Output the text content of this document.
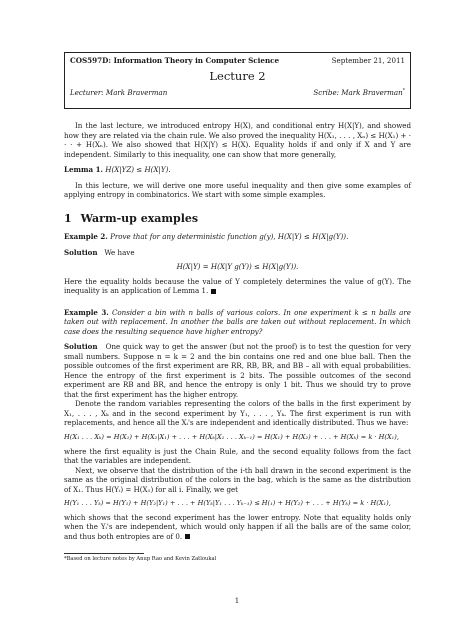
COS597D: Information Theory in Computer Science	September 21, 2011
Lecture 2
Lecturer: Mark Braverman	Scribe: Mark Braverman*

In the last lecture, we introduced entropy H(X), and conditional entry H(X|Y), and showed how they are related via the chain rule. We also proved the inequality H(X₁, . . . , Xₙ) ≤ H(X₁) + · · · + H(Xₙ). We also showed that H(X|Y) ≤ H(X). Equality holds if and only if X and Y are independent. Similarly to this inequality, one can show that more generally,

Lemma 1. H(X|YZ) ≤ H(X|Y).

In this lecture, we will derive one more useful inequality and then give some examples of applying entropy in combinatorics. We start with some simple examples.

1 Warm-up examples

Example 2. Prove that for any deterministic function g(y), H(X|Y) ≤ H(X|g(Y)).

Solution We have

H(X|Y) = H(X|Y g(Y)) ≤ H(X|g(Y)).

Here the equality holds because the value of Y completely determines the value of g(Y). The inequality is an application of Lemma 1.

Example 3. Consider a bin with n balls of various colors. In one experiment k ≤ n balls are taken out with replacement. In another the balls are taken out without replacement. In which case does the resulting sequence have higher entropy?

Solution One quick way to get the answer (but not the proof) is to test the question for very small numbers. Suppose n = k = 2 and the bin contains one red and one blue ball. Then the possible outcomes of the first experiment are RR, RB, BR, and BB – all with equal probabilities. Hence the entropy of the first experiment is 2 bits. The possible outcomes of the second experiment are RB and BR, and hence the entropy is only 1 bit. Thus we should try to prove that the first experiment has the higher entropy.

Denote the random variables representing the colors of the balls in the first experiment by X₁, . . . , Xₖ and in the second experiment by Y₁, . . . , Yₖ. The first experiment is run with replacements, and hence all the Xᵢ's are independent and identically distributed. Thus we have:

H(X₁ . . . Xₖ) = H(X₁) + H(X₂|X₁) + . . . + H(Xₖ|X₁ . . . Xₖ₋₁) = H(X₁) + H(X₂) + . . . + H(Xₖ) = k · H(X₁),

where the first equality is just the Chain Rule, and the second equality follows from the fact that the variables are independent.

Next, we observe that the distribution of the i-th ball drawn in the second experiment is the same as the original distribution of the colors in the bag, which is the same as the distribution of X₁. Thus H(Yᵢ) = H(X₁) for all i. Finally, we get

H(Y₁ . . . Yₖ) = H(Y₁) + H(Y₂|Y₁) + . . . + H(Yₖ|Y₁ . . . Yₖ₋₁) ≤ H(₁) + H(Y₂) + . . . + H(Yₖ) = k · H(X₁),

which shows that the second experiment has the lower entropy. Note that equality holds only when the Yᵢ's are independent, which would only happen if all the balls are of the same color, and thus both entropies are of 0.

*Based on lecture notes by Anup Rao and Kevin Zatloukal
1
